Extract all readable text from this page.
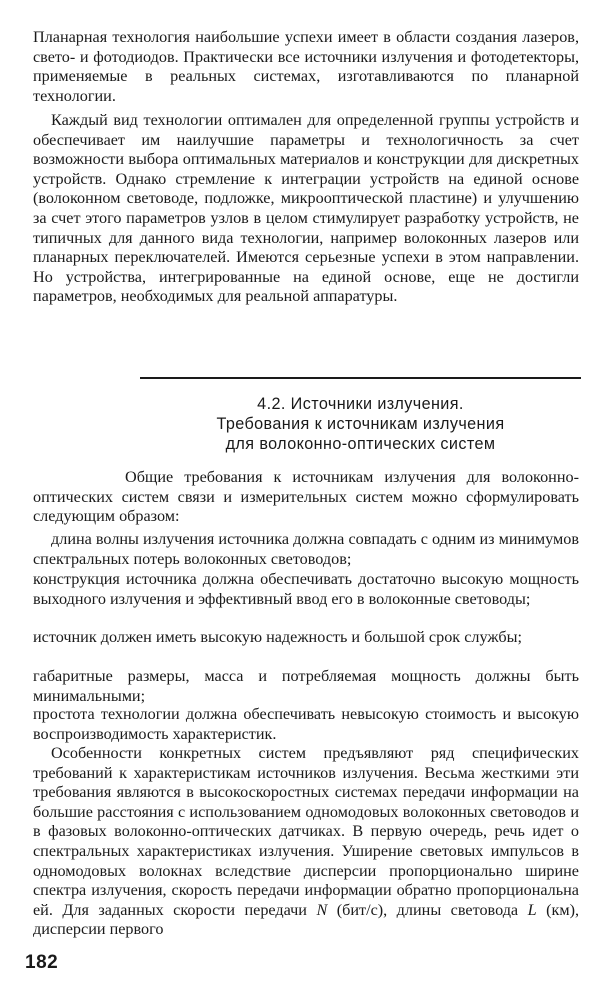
Планарная технология наибольшие успехи имеет в области создания лазеров, свето- и фотодиодов. Практически все источники излучения и фотодетекторы, применяемые в реальных системах, изготавливаются по планарной технологии.

Каждый вид технологии оптимален для определенной группы устройств и обеспечивает им наилучшие параметры и технологичность за счет возможности выбора оптимальных материалов и конструкции для дискретных устройств. Однако стремление к интеграции устройств на единой основе (волоконном световоде, подложке, микрооптической пластине) и улучшению за счет этого параметров узлов в целом стимулирует разработку устройств, не типичных для данного вида технологии, например волоконных лазеров или планарных переключателей. Имеются серьезные успехи в этом направлении. Но устройства, интегрированные на единой основе, еще не достигли параметров, необходимых для реальной аппаратуры.

4.2. Источники излучения.
Требования к источникам излучения
для волоконно-оптических систем

Общие требования к источникам излучения для волоконно-оптических систем связи и измерительных систем можно сформулировать следующим образом:

длина волны излучения источника должна совпадать с одним из минимумов спектральных потерь волоконных световодов;

конструкция источника должна обеспечивать достаточно высокую мощность выходного излучения и эффективный ввод его в волоконные световоды;

источник должен иметь высокую надежность и большой срок службы;

габаритные размеры, масса и потребляемая мощность должны быть минимальными;

простота технологии должна обеспечивать невысокую стоимость и высокую воспроизводимость характеристик.

Особенности конкретных систем предъявляют ряд специфических требований к характеристикам источников излучения. Весьма жесткими эти требования являются в высокоскоростных системах передачи информации на большие расстояния с использованием одномодовых волоконных световодов и в фазовых волоконно-оптических датчиках. В первую очередь, речь идет о спектральных характеристиках излучения. Уширение световых импульсов в одномодовых волокнах вследствие дисперсии пропорционально ширине спектра излучения, скорость передачи информации обратно пропорциональна ей. Для заданных скорости передачи N (бит/с), длины световода L (км), дисперсии первого

182
